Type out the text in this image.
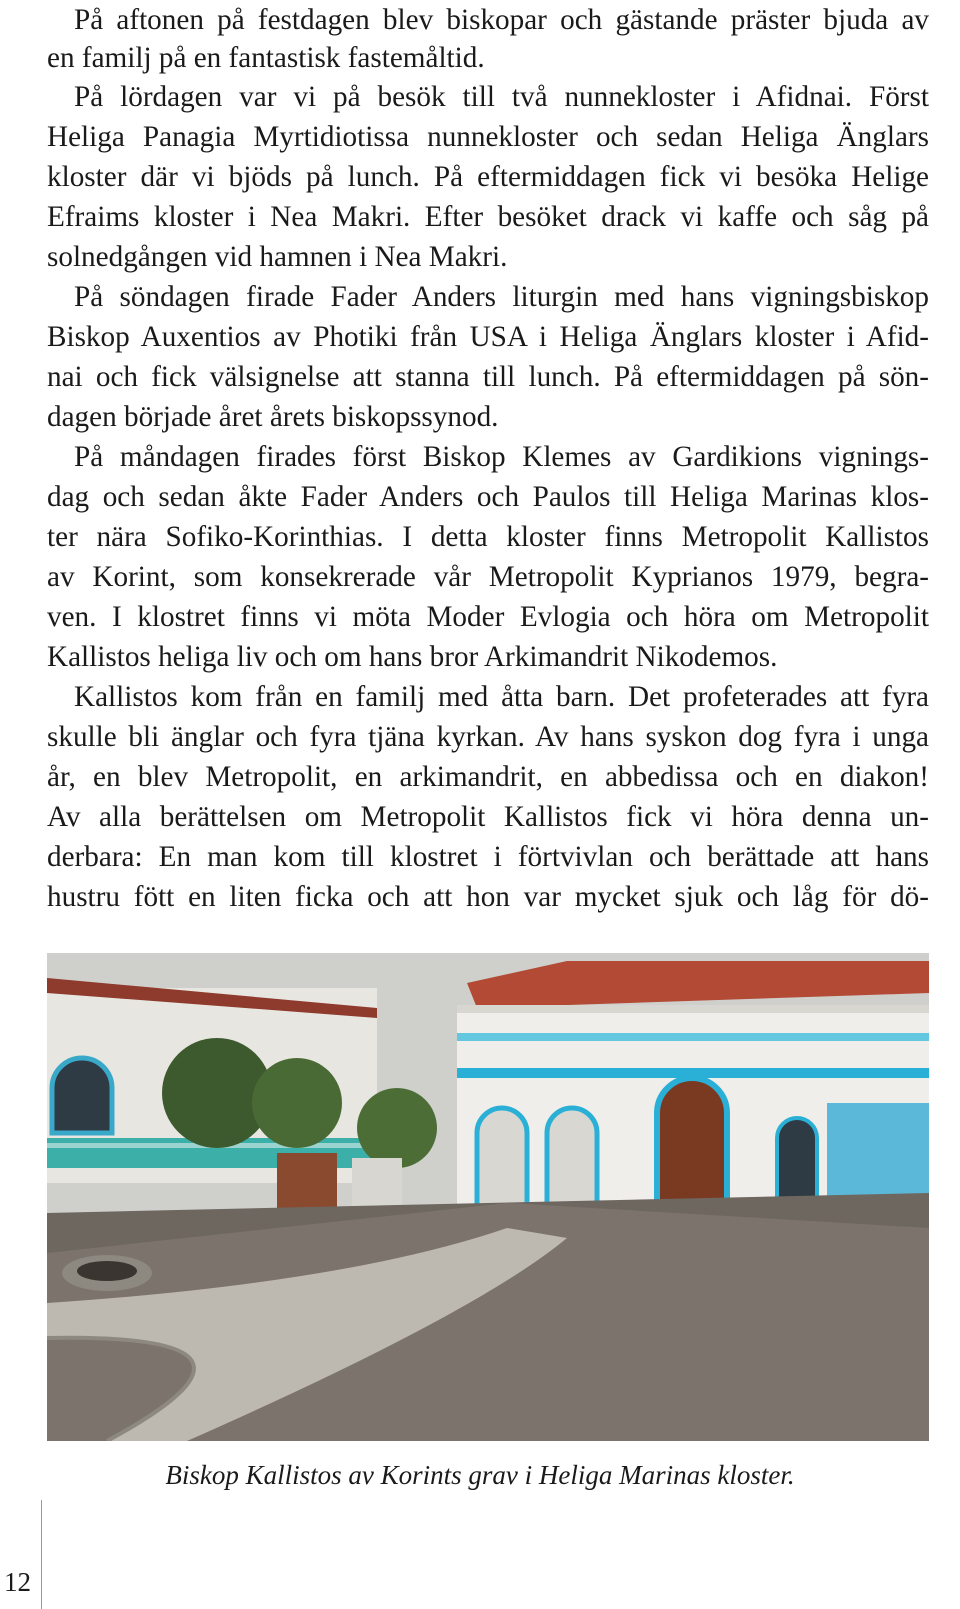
På aftonen på festdagen blev biskopar och gästande präster bjuda av
en familj på en fantastisk fastemåltid.
På lördagen var vi på besök till två nunnekloster i Afidnai. Först
Heliga Panagia Myrtidiotissa nunnekloster och sedan Heliga Änglars
kloster där vi bjöds på lunch. På eftermiddagen fick vi besöka Helige
Efraims kloster i Nea Makri. Efter besöket drack vi kaffe och såg på
solnedgången vid hamnen i Nea Makri.
På söndagen firade Fader Anders liturgin med hans vigningsbiskop
Biskop Auxentios av Photiki från USA i Heliga Änglars kloster i Afid-
nai och fick välsignelse att stanna till lunch. På eftermiddagen på sön-
dagen började året årets biskopssynod.
På måndagen firades först Biskop Klemes av Gardikions vignings-
dag och sedan åkte Fader Anders och Paulos till Heliga Marinas klos-
ter nära Sofiko-Korinthias. I detta kloster finns Metropolit Kallistos
av Korint, som konsekrerade vår Metropolit Kyprianos 1979, begra-
ven. I klostret finns vi möta Moder Evlogia och höra om Metropolit
Kallistos heliga liv och om hans bror Arkimandrit Nikodemos.
Kallistos kom från en familj med åtta barn. Det profeterades att fyra
skulle bli änglar och fyra tjäna kyrkan. Av hans syskon dog fyra i unga
år, en blev Metropolit, en arkimandrit, en abbedissa och en diakon!
Av alla berättelsen om Metropolit Kallistos fick vi höra denna un-
derbara: En man kom till klostret i förtvivlan och berättade att hans
hustru fött en liten ficka och att hon var mycket sjuk och låg för dö-
Biskop Kallistos av Korints grav i Heliga Marinas kloster.
12
